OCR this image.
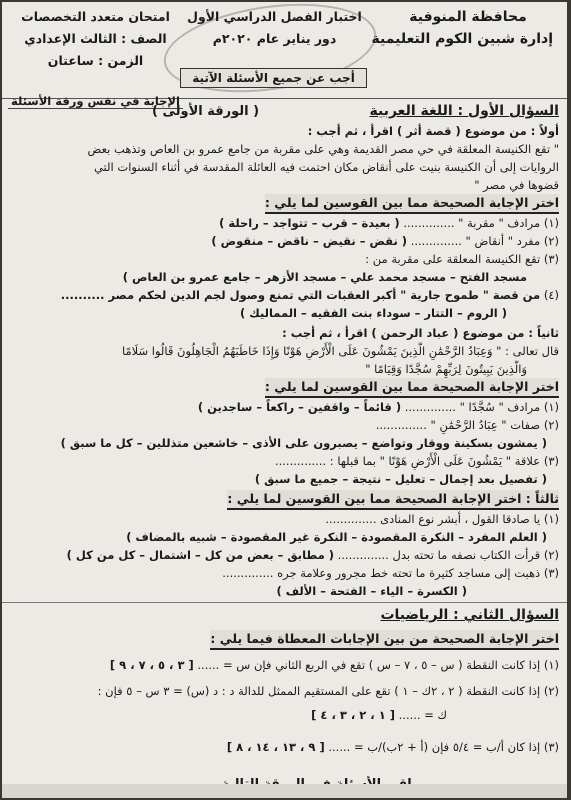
محافظة المنوفية
إدارة شبين الكوم التعليمية
اختبار الفصل الدراسي الأول
دور يناير عام ٢٠٢٠م
امتحان متعدد التخصصات
الصف : الثالث الإعدادي
الزمن : ساعتان
أجب عن جميع الأسئلة الآتية
الإجابة في نفس ورقة الأسئلة
السؤال الأول : اللغة العربية
( الورقة الأولى )
أولاً : من موضوع ( قصة أثر ) اقرأ ، ثم أجب :
" تقع الكنيسة المعلقة في حي مصر القديمة وهي على مقربة من جامع عمرو بن العاص وتذهب بعض
الروايات إلى أن الكنيسة بنيت على أنقاض مكان احتمت فيه العائلة المقدسة في أثناء السنوات التي
قضوها في مصر "
اختر الإجابة الصحيحة مما بين القوسين لما يلي :
(١) مرادف " مقربة " .............. ( بعيدة – قرب – تتواجد – راحلة )
(٢) مفرد " أنقاض " .............. ( نقض – نقيض – ناقض – منقوض )
(٣) تقع الكنيسة المعلقة على مقربة من :
مسجد الفتح – مسجد محمد علي – مسجد الأزهر – جامع عمرو بن العاص )
(٤) من قصة " طموح جارية " أكبر العقبات التي تمنع وصول لجم الدين لحكم مصر ..........
( الروم – التتار – سوداء بنت الفقيه – المماليك )
ثانياً : من موضوع ( عباد الرحمن ) اقرأ ، ثم أجب :
قال تعالى : " وَعِبَادُ الرَّحْمَٰنِ الَّذِينَ يَمْشُونَ عَلَى الْأَرْضِ هَوْنًا وَإِذَا خَاطَبَهُمُ الْجَاهِلُونَ قَالُوا سَلَامًا
وَالَّذِينَ يَبِيتُونَ لِرَبِّهِمْ سُجَّدًا وَقِيَامًا "
اختر الإجابة الصحيحة مما بين القوسين لما يلي :
(١) مرادف " سُجَّدًا " .............. ( قائماً – واقفين – راكعاً – ساجدين )
(٢) صفات " عِبَادُ الرَّحْمَٰنِ " ..............
( يمشون بسكينة ووقار وتواضع – يصبرون على الأذى – خاشعين متذللين – كل ما سبق )
(٣) علاقة " يَمْشُونَ عَلَى الْأَرْضِ هَوْنًا " بما قبلها : ..............
( تفصيل بعد إجمال – تعليل – نتيجة – جميع ما سبق )
ثالثاً : اختر الإجابة الصحيحة مما بين القوسين لما يلي :
(١) يا صادقا القول ، أبشر نوع المنادى ..............
( العلم المفرد – النكرة المقصودة – النكرة غير المقصودة – شبيه بالمضاف )
(٢) قرأت الكتاب نصفه ما تحته بدل .............. ( مطابق – بعض من كل – اشتمال – كل من كل )
(٣) ذهبت إلى مساجد كثيرة ما تحته خط مجرور وعلامة جره ..............
( الكسرة – الياء – الفتحة – الألف )
السؤال الثاني : الرياضيات
اختر الإجابة الصحيحة من بين الإجابات المعطاة فيما يلي :
(١) إذا كانت النقطة ( س – ٥ ، ٧ – س ) تقع في الربع الثاني فإن س = ...... [ ٣ ، ٥ ، ٧ ، ٩ ]
(٢) إذا كانت النقطة ( ٢ ، ٢ك – ١ ) تقع على المستقيم الممثل للدالة د : د (س) = ٣ س – ٥ فإن :
ك = ...... [ ١ ، ٢ ، ٣ ، ٤ ]
(٣) إذا كان أ/ب = ٥/٤ فإن (أ + ٢ب)/ب = ...... [ ٩ ، ١٣ ، ١٤ ، ٨ ]
